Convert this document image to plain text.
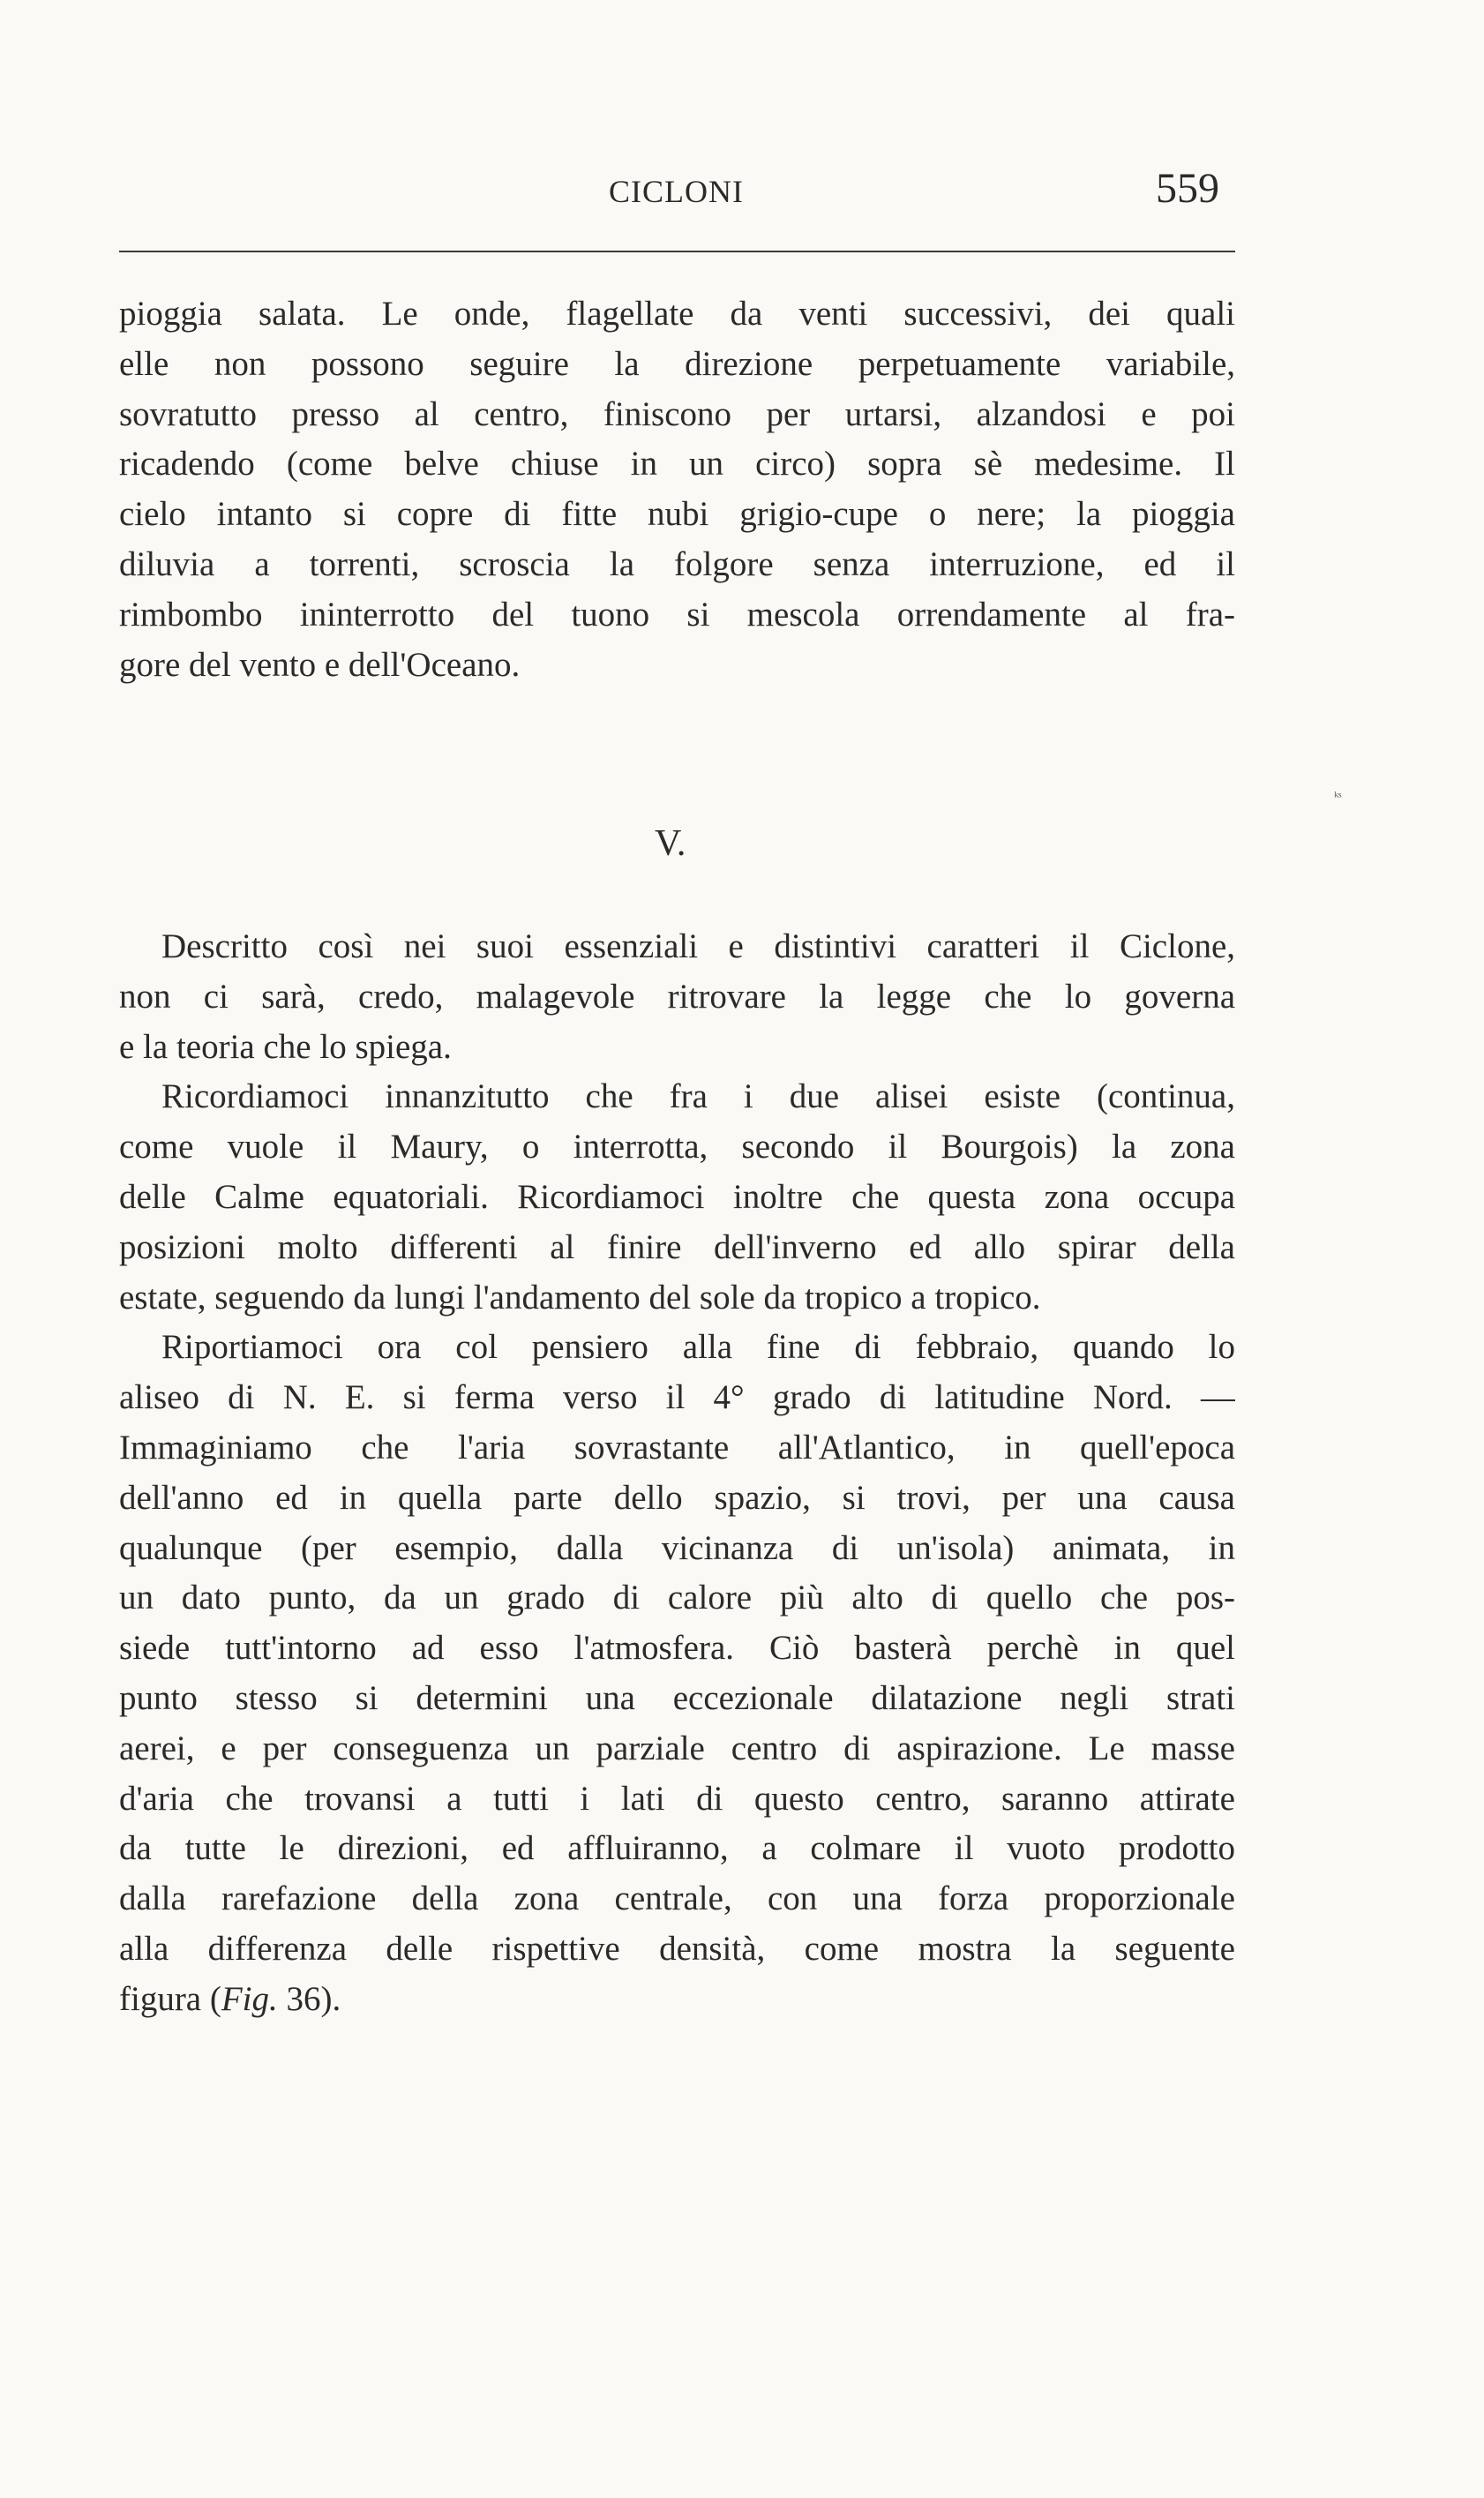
CICLONI	559
pioggia salata. Le onde, flagellate da venti successivi, dei quali
elle non possono seguire la direzione perpetuamente variabile,
sovratutto presso al centro, finiscono per urtarsi, alzandosi e poi
ricadendo (come belve chiuse in un circo) sopra sè medesime. Il
cielo intanto si copre di fitte nubi grigio-cupe o nere; la pioggia
diluvia a torrenti, scroscia la folgore senza interruzione, ed il
rimbombo ininterrotto del tuono si mescola orrendamente al fra-
gore del vento e dell'Oceano.
V.
Descritto così nei suoi essenziali e distintivi caratteri il Ciclone,
non ci sarà, credo, malagevole ritrovare la legge che lo governa
e la teoria che lo spiega.
Ricordiamoci innanzitutto che fra i due alisei esiste (continua,
come vuole il Maury, o interrotta, secondo il Bourgois) la zona
delle Calme equatoriali. Ricordiamoci inoltre che questa zona occupa
posizioni molto differenti al finire dell'inverno ed allo spirar della
estate, seguendo da lungi l'andamento del sole da tropico a tropico.
Riportiamoci ora col pensiero alla fine di febbraio, quando lo
aliseo di N. E. si ferma verso il 4° grado di latitudine Nord. —
Immaginiamo che l'aria sovrastante all'Atlantico, in quell'epoca
dell'anno ed in quella parte dello spazio, si trovi, per una causa
qualunque (per esempio, dalla vicinanza di un'isola) animata, in
un dato punto, da un grado di calore più alto di quello che pos-
siede tutt'intorno ad esso l'atmosfera. Ciò basterà perchè in quel
punto stesso si determini una eccezionale dilatazione negli strati
aerei, e per conseguenza un parziale centro di aspirazione. Le masse
d'aria che trovansi a tutti i lati di questo centro, saranno attirate
da tutte le direzioni, ed affluiranno, a colmare il vuoto prodotto
dalla rarefazione della zona centrale, con una forza proporzionale
alla differenza delle rispettive densità, come mostra la seguente
figura (Fig. 36).
ᵏˢ
